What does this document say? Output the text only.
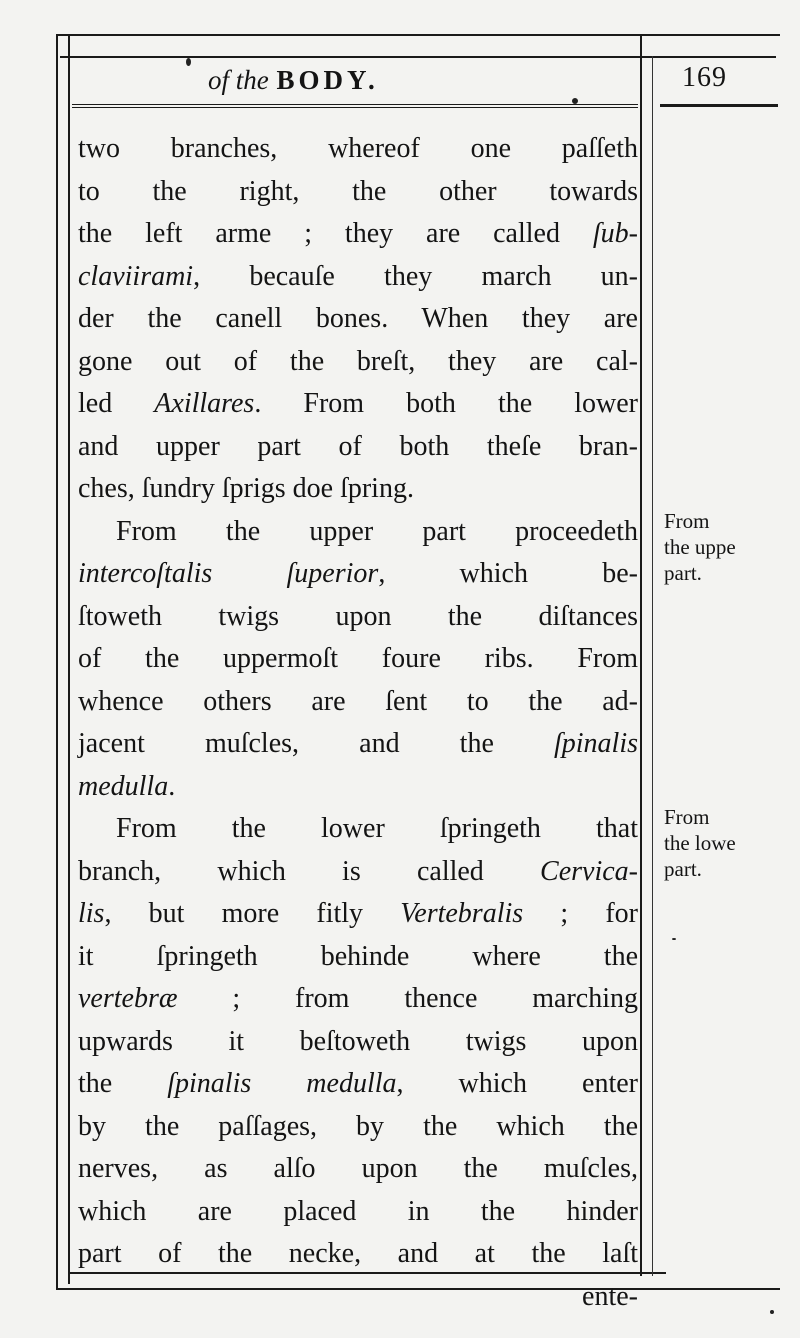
of the BODY.	169
two branches, whereof one paſſeth
to the right, the other towards
the left arme ; they are called ſub-
claviirami, becauſe they march un-
der the canell bones. When they are
gone out of the breſt, they are cal-
led Axillares. From both the lower
and upper part of both theſe bran-
ches, ſundry ſprigs doe ſpring.
From the upper part proceedeth
intercoſtalis ſuperior, which be-
ſtoweth twigs upon the diſtances
of the uppermoſt foure ribs. From
whence others are ſent to the ad-
jacent muſcles, and the ſpinalis
medulla.
From the lower ſpringeth that
branch, which is called Cervica-
lis, but more fitly Vertebralis ; for
it ſpringeth behinde where the
vertebræ ; from thence marching
upwards it beſtoweth twigs upon
the ſpinalis medulla, which enter
by the paſſages, by the which the
nerves, as alſo upon the muſcles,
which are placed in the hinder
part of the necke, and at the laſt
ente-
From
the uppe
part.
From
the lowe
part.
